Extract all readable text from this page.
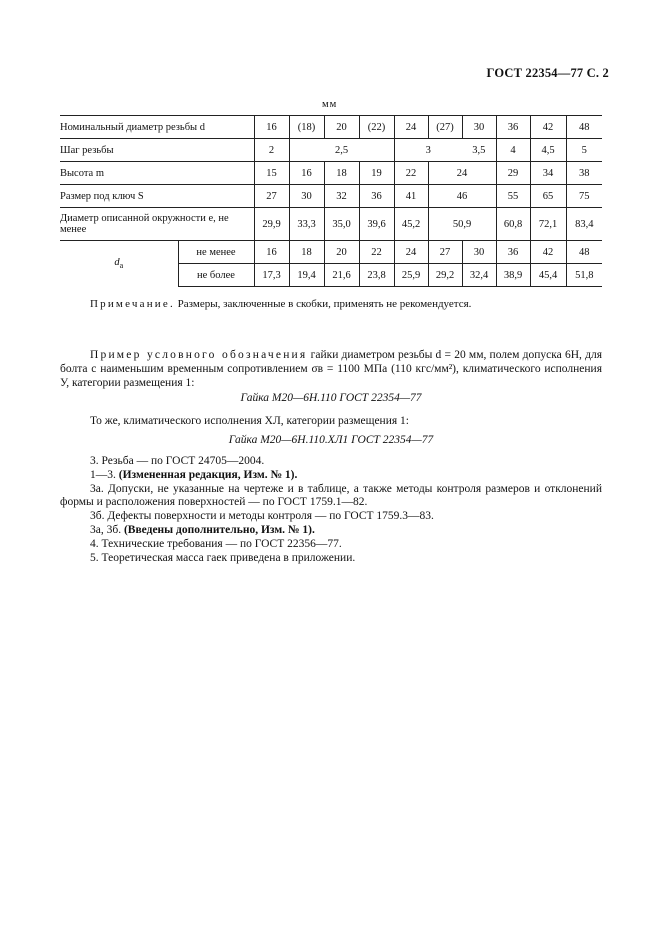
ГОСТ 22354—77 С. 2
мм
Номинальный диаметр резьбы d		16	(18)	20	(22)	24	(27)	30	36	42	48
Шаг резьбы		2	2,5			3		3,5	4	4,5	5
Высота m		15	16	18	19	22	24		29	34	38
Размер под ключ S		27	30	32	36	41	46		55	65	75
Диаметр описанной окружности e, не менее		29,9	33,3	35,0	39,6	45,2	50,9		60,8	72,1	83,4
$d_a$	не менее	16	18	20	22	24	27	30	36	42	48
	не более	17,3	19,4	21,6	23,8	25,9	29,2	32,4	38,9	45,4	51,8
Примечание. Размеры, заключенные в скобки, применять не рекомендуется.
Пример условного обозначения гайки диаметром резьбы d = 20 мм, полем допуска 6Н, для болта с наименьшим временным сопротивлением σв = 1100 МПа (110 кгс/мм²), климатического исполнения У, категории размещения 1:
Гайка М20—6Н.110 ГОСТ 22354—77
То же, климатического исполнения ХЛ, категории размещения 1:
Гайка М20—6Н.110.ХЛ1 ГОСТ 22354—77

3. Резьба — по ГОСТ 24705—2004.

1—3. (Измененная редакция, Изм. № 1).

3а. Допуски, не указанные на чертеже и в таблице, а также методы контроля размеров и отклонений формы и расположения поверхностей — по ГОСТ 1759.1—82.

3б. Дефекты поверхности и методы контроля — по ГОСТ 1759.3—83.

3а, 3б. (Введены дополнительно, Изм. № 1).

4. Технические требования — по ГОСТ 22356—77.

5. Теоретическая масса гаек приведена в приложении.
